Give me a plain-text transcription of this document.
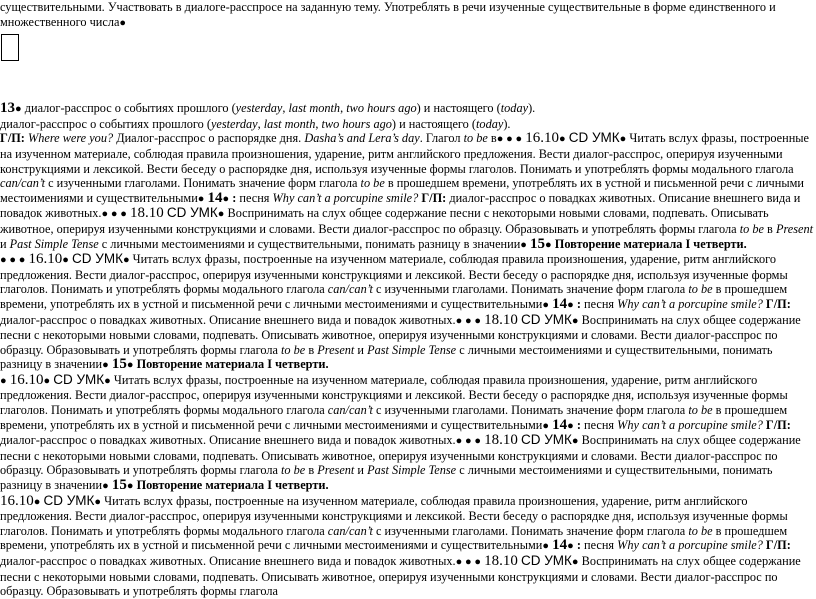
существительными. Участвовать в диалоге-расспросе на заданную тему. Употреблять в речи изученные существительные в форме единственного и множественного числа●

13● диалог-расспрос о событиях прошлого (yesterday, last month, two hours ago) и настоящего (today).
диалог-расспрос о событиях прошлого (yesterday, last month, two hours ago) и настоящего (today).
Г/П: Where were you? Диалог-расспрос о распорядке дня. Dasha’s and Lera’s day. Глагол to be в● ● ● 16.10● CD УМК● Читать вслух фразы, построенные на изученном материале, соблюдая правила произношения, ударение, ритм английского предложения. Вести диалог-расспрос, оперируя изученными конструкциями и лексикой. Вести беседу о распорядке дня, используя изученные формы глаголов. Понимать и употреблять формы модального глагола can/can’t с изученными глаголами. Понимать значение форм глагола to be в прошедшем времени, употреблять их в устной и письменной речи с личными местоимениями и существительными● 14● : песня Why can’t a porcupine smile? Г/П: диалог-расспрос о повадках животных. Описание внешнего вида и повадок животных.● ● ● 18.10 CD УМК● Воспринимать на слух общее содержание песни с некоторыми новыми словами, подпевать. Описывать животное, оперируя изученными конструкциями и словами. Вести диалог-расспрос по образцу. Образовывать и употреблять формы глагола to be в Present и Past Simple Tense с личными местоимениями и существительными, понимать разницу в значении● 15● Повторение материала I четверти.

● ● ● 16.10● CD УМК● Читать вслух фразы, построенные на изученном материале, соблюдая правила произношения, ударение, ритм английского предложения. Вести диалог-расспрос, оперируя изученными конструкциями и лексикой. Вести беседу о распорядке дня, используя изученные формы глаголов. Понимать и употреблять формы модального глагола can/can’t с изученными глаголами. Понимать значение форм глагола to be в прошедшем времени, употреблять их в устной и письменной речи с личными местоимениями и существительными● 14● : песня Why can’t a porcupine smile? Г/П: диалог-расспрос о повадках животных. Описание внешнего вида и повадок животных.● ● ● 18.10 CD УМК● Воспринимать на слух общее содержание песни с некоторыми новыми словами, подпевать. Описывать животное, оперируя изученными конструкциями и словами. Вести диалог-расспрос по образцу. Образовывать и употреблять формы глагола to be в Present и Past Simple Tense с личными местоимениями и существительными, понимать разницу в значении● 15● Повторение материала I четверти.

● 16.10● CD УМК● Читать вслух фразы, построенные на изученном материале, соблюдая правила произношения, ударение, ритм английского предложения. Вести диалог-расспрос, оперируя изученными конструкциями и лексикой. Вести беседу о распорядке дня, используя изученные формы глаголов. Понимать и употреблять формы модального глагола can/can’t с изученными глаголами. Понимать значение форм глагола to be в прошедшем времени, употреблять их в устной и письменной речи с личными местоимениями и существительными● 14● : песня Why can’t a porcupine smile? Г/П: диалог-расспрос о повадках животных. Описание внешнего вида и повадок животных.● ● ● 18.10 CD УМК● Воспринимать на слух общее содержание песни с некоторыми новыми словами, подпевать. Описывать животное, оперируя изученными конструкциями и словами. Вести диалог-расспрос по образцу. Образовывать и употреблять формы глагола to be в Present и Past Simple Tense с личными местоимениями и существительными, понимать разницу в значении● 15● Повторение материала I четверти.

16.10● CD УМК● Читать вслух фразы, построенные на изученном материале, соблюдая правила произношения, ударение, ритм английского предложения. Вести диалог-расспрос, оперируя изученными конструкциями и лексикой. Вести беседу о распорядке дня, используя изученные формы глаголов. Понимать и употреблять формы модального глагола can/can’t с изученными глаголами. Понимать значение форм глагола to be в прошедшем времени, употреблять их в устной и письменной речи с личными местоимениями и существительными● 14● : песня Why can’t a porcupine smile? Г/П: диалог-расспрос о повадках животных. Описание внешнего вида и повадок животных.● ● ● 18.10 CD УМК● Воспринимать на слух общее содержание песни с некоторыми новыми словами, подпевать. Описывать животное, оперируя изученными конструкциями и словами. Вести диалог-расспрос по образцу. Образовывать и употреблять формы глагола
